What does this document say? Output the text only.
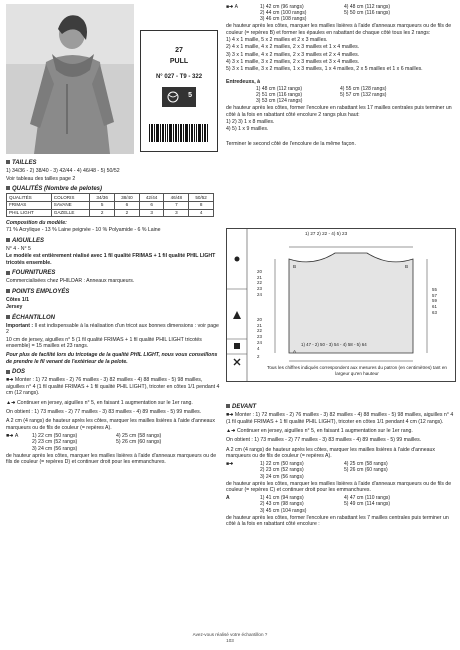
27
PULL
N° 027 - T9 - 322
5
TAILLES

1) 34/36 - 2) 38/40 - 3) 42/44 - 4) 46/48 - 5) 50/52

Voir tableau des tailles page 2

QUALITÉS (Nombre de pelotes)
QUALITÉS	COLORIS	34/36	38/40	42/44	46/48	50/52
FRIMAS	SAVANE	5	6	6	7	8
PHIL LIGHT	GAZELLE	2	2	3	3	4

Composition du modèle:

71 % Acrylique - 13 % Laine peignée - 10 % Polyamide - 6 % Laine

AIGUILLES

N° 4 - N° 5

Le modèle est entièrement réalisé avec 1 fil qualité FRIMAS + 1 fil qualité PHIL LIGHT tricotés ensemble.

FOURNITURES

Commercialisées chez PHILDAR : Anneaux marqueurs.

POINTS EMPLOYÉS

Côtes 1/1

Jersey

ÉCHANTILLON

Important : Il est indispensable à la réalisation d'un tricot aux bonnes dimensions : voir page 2

10 cm de jersey, aiguilles n° 5 (1 fil qualité FRIMAS + 1 fil qualité PHIL LIGHT tricotés ensemble) = 15 mailles et 23 rangs.

Pour plus de facilité lors du tricotage de la qualité PHIL LIGHT, nous vous conseillons de prendre le fil venant de l'extérieur de la pelote.

DOS

■➜ Monter : 1) 72 mailles - 2) 76 mailles - 3) 82 mailles - 4) 88 mailles - 5) 98 mailles, aiguilles n° 4 (1 fil qualité FRIMAS + 1 fil qualité PHIL LIGHT), tricoter en côtes 1/1 pendant 4 cm (12 rangs).

▲➜ Continuer en jersey, aiguilles n° 5, en faisant 1 augmentation sur le 1er rang.

On obtient : 1) 73 mailles - 2) 77 mailles - 3) 83 mailles - 4) 89 mailles - 5) 99 mailles.

A 2 cm (4 rangs) de hauteur après les côtes, marquer les mailles lisières à l'aide d'anneaux marqueurs ou de fils de couleur (= repères A).

■➜ A	1) 22 cm (50 rangs)	4) 25 cm (58 rangs)
	2) 23 cm (52 rangs)	5) 26 cm (60 rangs)
	3) 24 cm (56 rangs)	

de hauteur après les côtes, marquer les mailles lisières à l'aide d'anneaux marqueurs ou de fils de couleur (= repères D) et continuer droit pour les emmanchures.

■➜ A	1) 42 cm (96 rangs)	4) 48 cm (112 rangs)
	2) 44 cm (100 rangs)	5) 50 cm (116 rangs)
	3) 46 cm (108 rangs)	

de hauteur après les côtes, marquer les mailles lisières à l'aide d'anneaux marqueurs ou de fils de couleur (= repères B) et former les épaules en rabattant de chaque côté tous les 2 rangs:

1) 4 x 1 maille, 5 x 2 mailles et 2 x 3 mailles.

2) 4 x 1 maille, 4 x 2 mailles, 2 x 3 mailles et 1 x 4 mailles.

3) 3 x 1 maille, 4 x 2 mailles, 2 x 3 mailles et 2 x 4 mailles.

4) 3 x 1 maille, 3 x 2 mailles, 2 x 3 mailles et 3 x 4 mailles.

5) 3 x 1 maille, 3 x 2 mailles, 1 x 3 mailles, 1 x 4 mailles, 2 x 5 mailles et 1 x 6 mailles.

Entredeuxs, à

1) 48 cm (112 rangs)	4) 55 cm (128 rangs)
2) 51 cm (116 rangs)	5) 57 cm (132 rangs)
3) 53 cm (124 rangs)	

de hauteur après les côtes, former l'encolure en rabattant les 17 mailles centrales puis terminer un côté à la fois en rabattant côté encolure 2 rangs plus haut:

1) 2) 3) 1 x 8 mailles.

4) 5) 1 x 9 mailles.

Terminer le second côté de l'encolure de la même façon.

1) 27 2) 22 - 4) 5) 23
B	B
A
20
21
22
23
24
20
21
22
23
24
55
57
59
61
63
1) 47 - 2) 50 - 3) 54 - 4) 58 - 5) 64
4
2
Tous les chiffres indiqués correspondent aux mesures du patron (en centimètres) tant en largeur qu'en hauteur
DEVANT

■➜ Monter : 1) 72 mailles - 2) 76 mailles - 3) 82 mailles - 4) 88 mailles - 5) 98 mailles, aiguilles n° 4 (1 fil qualité FRIMAS + 1 fil qualité PHIL LIGHT), tricoter en côtes 1/1 pendant 4 cm (12 rangs).

▲➜ Continuer en jersey, aiguilles n° 5, en faisant 1 augmentation sur le 1er rang.

On obtient : 1) 73 mailles - 2) 77 mailles - 3) 83 mailles - 4) 89 mailles - 5) 99 mailles.

A 2 cm (4 rangs) de hauteur après les côtes, marquer les mailles lisières à l'aide d'anneaux marqueurs ou de fils de couleur (= repères A).

■➜	1) 22 cm (50 rangs)	4) 25 cm (58 rangs)
	2) 23 cm (52 rangs)	5) 26 cm (60 rangs)
	3) 24 cm (56 rangs)	

de hauteur après les côtes, marquer les mailles lisières à l'aide d'anneaux marqueurs ou de fils de couleur (= repères C) et continuer droit pour les emmanchures.

A	1) 41 cm (94 rangs)	4) 47 cm (110 rangs)
	2) 43 cm (98 rangs)	5) 49 cm (114 rangs)
	3) 45 cm (104 rangs)	

de hauteur après les côtes, former l'encolure en rabattant les 7 mailles centrales puis terminer un côté à la fois en rabattant côté encolure :

Avez-vous réalisé votre échantillon ?
103
